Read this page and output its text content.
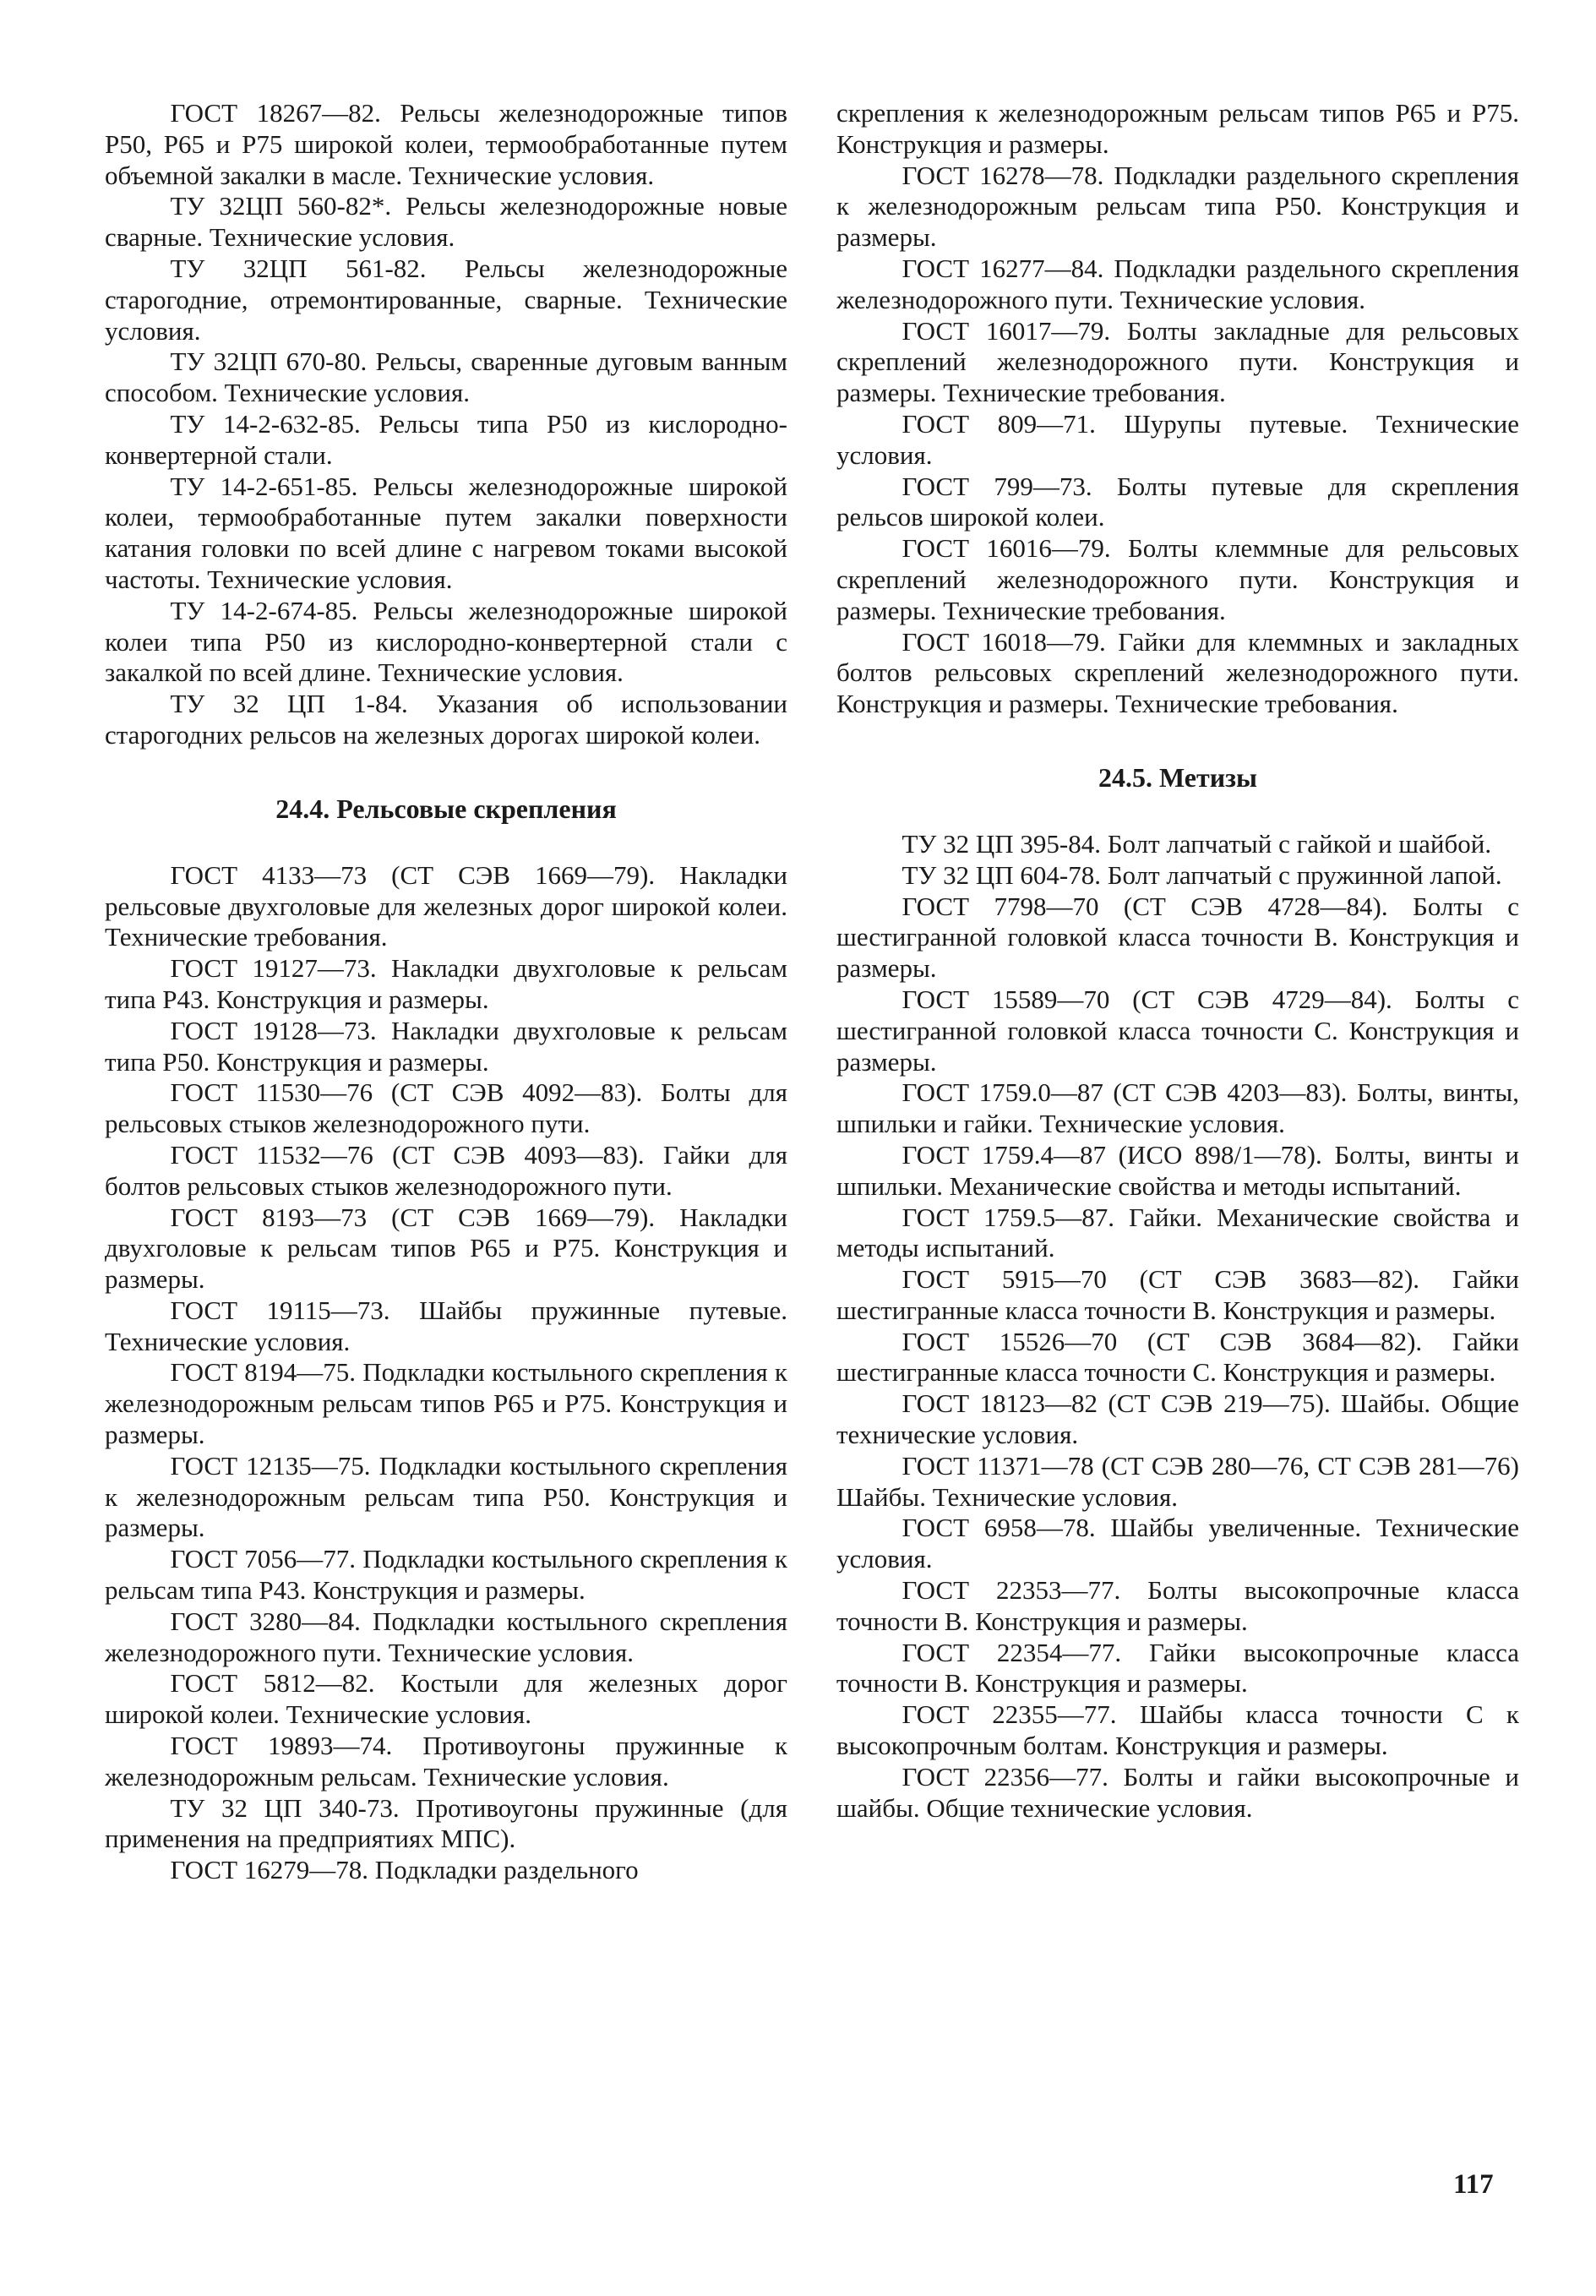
ГОСТ 18267—82. Рельсы железнодорожные типов Р50, Р65 и Р75 широкой колеи, термообработанные путем объемной закалки в масле. Технические условия.

ТУ 32ЦП 560-82*. Рельсы железнодорожные новые сварные. Технические условия.

ТУ 32ЦП 561-82. Рельсы железнодорожные старогодние, отремонтированные, сварные. Технические условия.

ТУ 32ЦП 670-80. Рельсы, сваренные дуговым ванным способом. Технические условия.

ТУ 14-2-632-85. Рельсы типа Р50 из кислородно-конвертерной стали.

ТУ 14-2-651-85. Рельсы железнодорожные широкой колеи, термообработанные путем закалки поверхности катания головки по всей длине с нагревом токами высокой частоты. Технические условия.

ТУ 14-2-674-85. Рельсы железнодорожные широкой колеи типа Р50 из кислородно-конвертерной стали с закалкой по всей длине. Технические условия.

ТУ 32 ЦП 1-84. Указания об использовании старогодних рельсов на железных дорогах широкой колеи.

24.4. Рельсовые скрепления

ГОСТ 4133—73 (СТ СЭВ 1669—79). Накладки рельсовые двухголовые для железных дорог широкой колеи. Технические требования.

ГОСТ 19127—73. Накладки двухголовые к рельсам типа Р43. Конструкция и размеры.

ГОСТ 19128—73. Накладки двухголовые к рельсам типа Р50. Конструкция и размеры.

ГОСТ 11530—76 (СТ СЭВ 4092—83). Болты для рельсовых стыков железнодорожного пути.

ГОСТ 11532—76 (СТ СЭВ 4093—83). Гайки для болтов рельсовых стыков железнодорожного пути.

ГОСТ 8193—73 (СТ СЭВ 1669—79). Накладки двухголовые к рельсам типов Р65 и Р75. Конструкция и размеры.

ГОСТ 19115—73. Шайбы пружинные путевые. Технические условия.

ГОСТ 8194—75. Подкладки костыльного скрепления к железнодорожным рельсам типов Р65 и Р75. Конструкция и размеры.

ГОСТ 12135—75. Подкладки костыльного скрепления к железнодорожным рельсам типа Р50. Конструкция и размеры.

ГОСТ 7056—77. Подкладки костыльного скрепления к рельсам типа Р43. Конструкция и размеры.

ГОСТ 3280—84. Подкладки костыльного скрепления железнодорожного пути. Технические условия.

ГОСТ 5812—82. Костыли для железных дорог широкой колеи. Технические условия.

ГОСТ 19893—74. Противоугоны пружинные к железнодорожным рельсам. Технические условия.

ТУ 32 ЦП 340-73. Противоугоны пружинные (для применения на предприятиях МПС).

ГОСТ 16279—78. Подкладки раздельного

скрепления к железнодорожным рельсам типов Р65 и Р75. Конструкция и размеры.

ГОСТ 16278—78. Подкладки раздельного скрепления к железнодорожным рельсам типа Р50. Конструкция и размеры.

ГОСТ 16277—84. Подкладки раздельного скрепления железнодорожного пути. Технические условия.

ГОСТ 16017—79. Болты закладные для рельсовых скреплений железнодорожного пути. Конструкция и размеры. Технические требования.

ГОСТ 809—71. Шурупы путевые. Технические условия.

ГОСТ 799—73. Болты путевые для скрепления рельсов широкой колеи.

ГОСТ 16016—79. Болты клеммные для рельсовых скреплений железнодорожного пути. Конструкция и размеры. Технические требования.

ГОСТ 16018—79. Гайки для клеммных и закладных болтов рельсовых скреплений железнодорожного пути. Конструкция и размеры. Технические требования.

24.5. Метизы

ТУ 32 ЦП 395-84. Болт лапчатый с гайкой и шайбой.

ТУ 32 ЦП 604-78. Болт лапчатый с пружинной лапой.

ГОСТ 7798—70 (СТ СЭВ 4728—84). Болты с шестигранной головкой класса точности В. Конструкция и размеры.

ГОСТ 15589—70 (СТ СЭВ 4729—84). Болты с шестигранной головкой класса точности С. Конструкция и размеры.

ГОСТ 1759.0—87 (СТ СЭВ 4203—83). Болты, винты, шпильки и гайки. Технические условия.

ГОСТ 1759.4—87 (ИСО 898/1—78). Болты, винты и шпильки. Механические свойства и методы испытаний.

ГОСТ 1759.5—87. Гайки. Механические свойства и методы испытаний.

ГОСТ 5915—70 (СТ СЭВ 3683—82). Гайки шестигранные класса точности В. Конструкция и размеры.

ГОСТ 15526—70 (СТ СЭВ 3684—82). Гайки шестигранные класса точности С. Конструкция и размеры.

ГОСТ 18123—82 (СТ СЭВ 219—75). Шайбы. Общие технические условия.

ГОСТ 11371—78 (СТ СЭВ 280—76, СТ СЭВ 281—76) Шайбы. Технические условия.

ГОСТ 6958—78. Шайбы увеличенные. Технические условия.

ГОСТ 22353—77. Болты высокопрочные класса точности В. Конструкция и размеры.

ГОСТ 22354—77. Гайки высокопрочные класса точности В. Конструкция и размеры.

ГОСТ 22355—77. Шайбы класса точности С к высокопрочным болтам. Конструкция и размеры.

ГОСТ 22356—77. Болты и гайки высокопрочные и шайбы. Общие технические условия.

117
